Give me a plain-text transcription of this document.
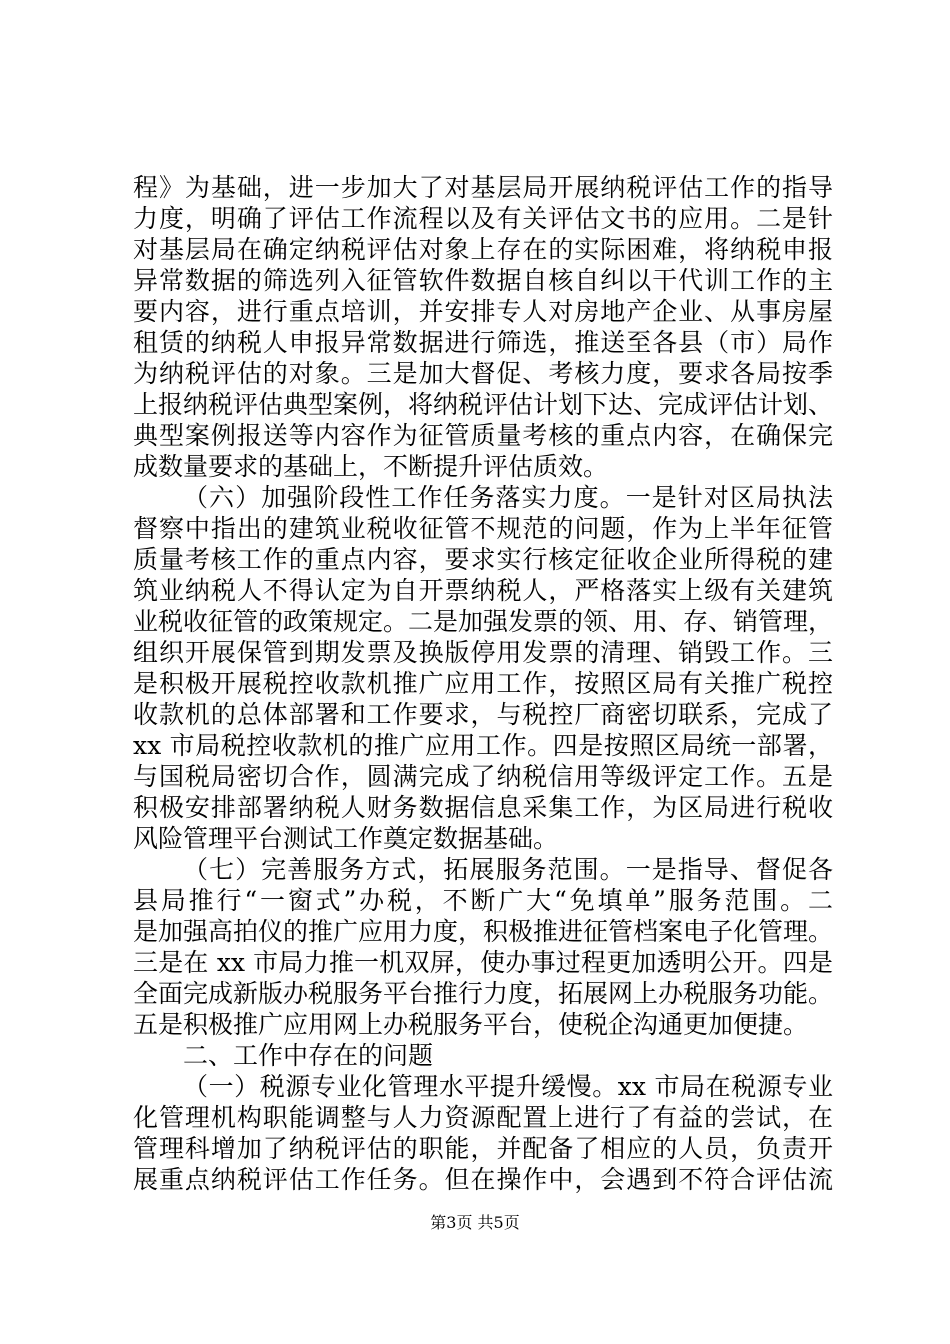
程》为基础，进一步加大了对基层局开展纳税评估工作的指导
力度，明确了评估工作流程以及有关评估文书的应用。二是针
对基层局在确定纳税评估对象上存在的实际困难，将纳税申报
异常数据的筛选列入征管软件数据自核自纠以干代训工作的主
要内容，进行重点培训，并安排专人对房地产企业、从事房屋
租赁的纳税人申报异常数据进行筛选，推送至各县（市）局作
为纳税评估的对象。三是加大督促、考核力度，要求各局按季
上报纳税评估典型案例，将纳税评估计划下达、完成评估计划、
典型案例报送等内容作为征管质量考核的重点内容，在确保完
成数量要求的基础上，不断提升评估质效。
（六）加强阶段性工作任务落实力度。一是针对区局执法
督察中指出的建筑业税收征管不规范的问题，作为上半年征管
质量考核工作的重点内容，要求实行核定征收企业所得税的建
筑业纳税人不得认定为自开票纳税人，严格落实上级有关建筑
业税收征管的政策规定。二是加强发票的领、用、存、销管理，
组织开展保管到期发票及换版停用发票的清理、销毁工作。三
是积极开展税控收款机推广应用工作，按照区局有关推广税控
收款机的总体部署和工作要求，与税控厂商密切联系，完成了
xx 市局税控收款机的推广应用工作。四是按照区局统一部署，
与国税局密切合作，圆满完成了纳税信用等级评定工作。五是
积极安排部署纳税人财务数据信息采集工作，为区局进行税收
风险管理平台测试工作奠定数据基础。
（七）完善服务方式，拓展服务范围。一是指导、督促各
县局推行“一窗式”办税，不断广大“免填单”服务范围。二
是加强高拍仪的推广应用力度，积极推进征管档案电子化管理。
三是在 xx 市局力推一机双屏，使办事过程更加透明公开。四是
全面完成新版办税服务平台推行力度，拓展网上办税服务功能。
五是积极推广应用网上办税服务平台，使税企沟通更加便捷。
二、工作中存在的问题
（一）税源专业化管理水平提升缓慢。xx 市局在税源专业
化管理机构职能调整与人力资源配置上进行了有益的尝试，在
管理科增加了纳税评估的职能，并配备了相应的人员，负责开
展重点纳税评估工作任务。但在操作中，会遇到不符合评估流
第3页 共5页
